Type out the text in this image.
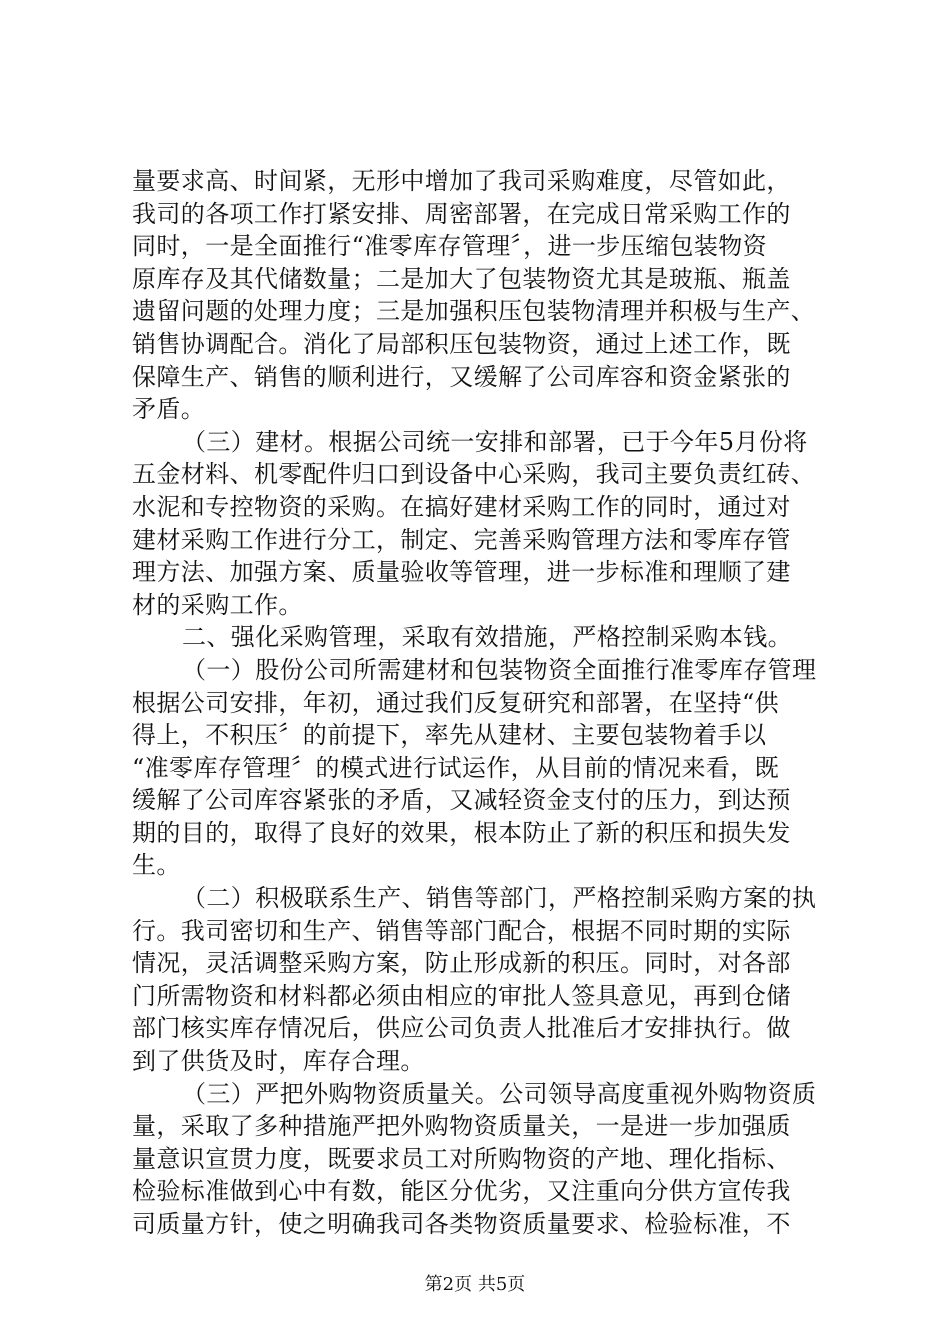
量要求高、时间紧，无形中增加了我司采购难度，尽管如此，
我司的各项工作打紧安排、周密部署，在完成日常采购工作的
同时，一是全面推行“准零库存管理〞，进一步压缩包装物资
原库存及其代储数量；二是加大了包装物资尤其是玻瓶、瓶盖
遗留问题的处理力度；三是加强积压包装物清理并积极与生产、
销售协调配合。消化了局部积压包装物资，通过上述工作，既
保障生产、销售的顺利进行，又缓解了公司库容和资金紧张的
矛盾。
（三）建材。根据公司统一安排和部署，已于今年5月份将
五金材料、机零配件归口到设备中心采购，我司主要负责红砖、
水泥和专控物资的采购。在搞好建材采购工作的同时，通过对
建材采购工作进行分工，制定、完善采购管理方法和零库存管
理方法、加强方案、质量验收等管理，进一步标准和理顺了建
材的采购工作。
二、强化采购管理，采取有效措施，严格控制采购本钱。
（一）股份公司所需建材和包装物资全面推行准零库存管理
根据公司安排，年初，通过我们反复研究和部署，在坚持“供
得上，不积压〞的前提下，率先从建材、主要包装物着手以
“准零库存管理〞的模式进行试运作，从目前的情况来看，既
缓解了公司库容紧张的矛盾，又减轻资金支付的压力，到达预
期的目的，取得了良好的效果，根本防止了新的积压和损失发
生。
（二）积极联系生产、销售等部门，严格控制采购方案的执
行。我司密切和生产、销售等部门配合，根据不同时期的实际
情况，灵活调整采购方案，防止形成新的积压。同时，对各部
门所需物资和材料都必须由相应的审批人签具意见，再到仓储
部门核实库存情况后，供应公司负责人批准后才安排执行。做
到了供货及时，库存合理。
（三）严把外购物资质量关。公司领导高度重视外购物资质
量，采取了多种措施严把外购物资质量关，一是进一步加强质
量意识宣贯力度，既要求员工对所购物资的产地、理化指标、
检验标准做到心中有数，能区分优劣，又注重向分供方宣传我
司质量方针，使之明确我司各类物资质量要求、检验标准，不
第2页 共5页
